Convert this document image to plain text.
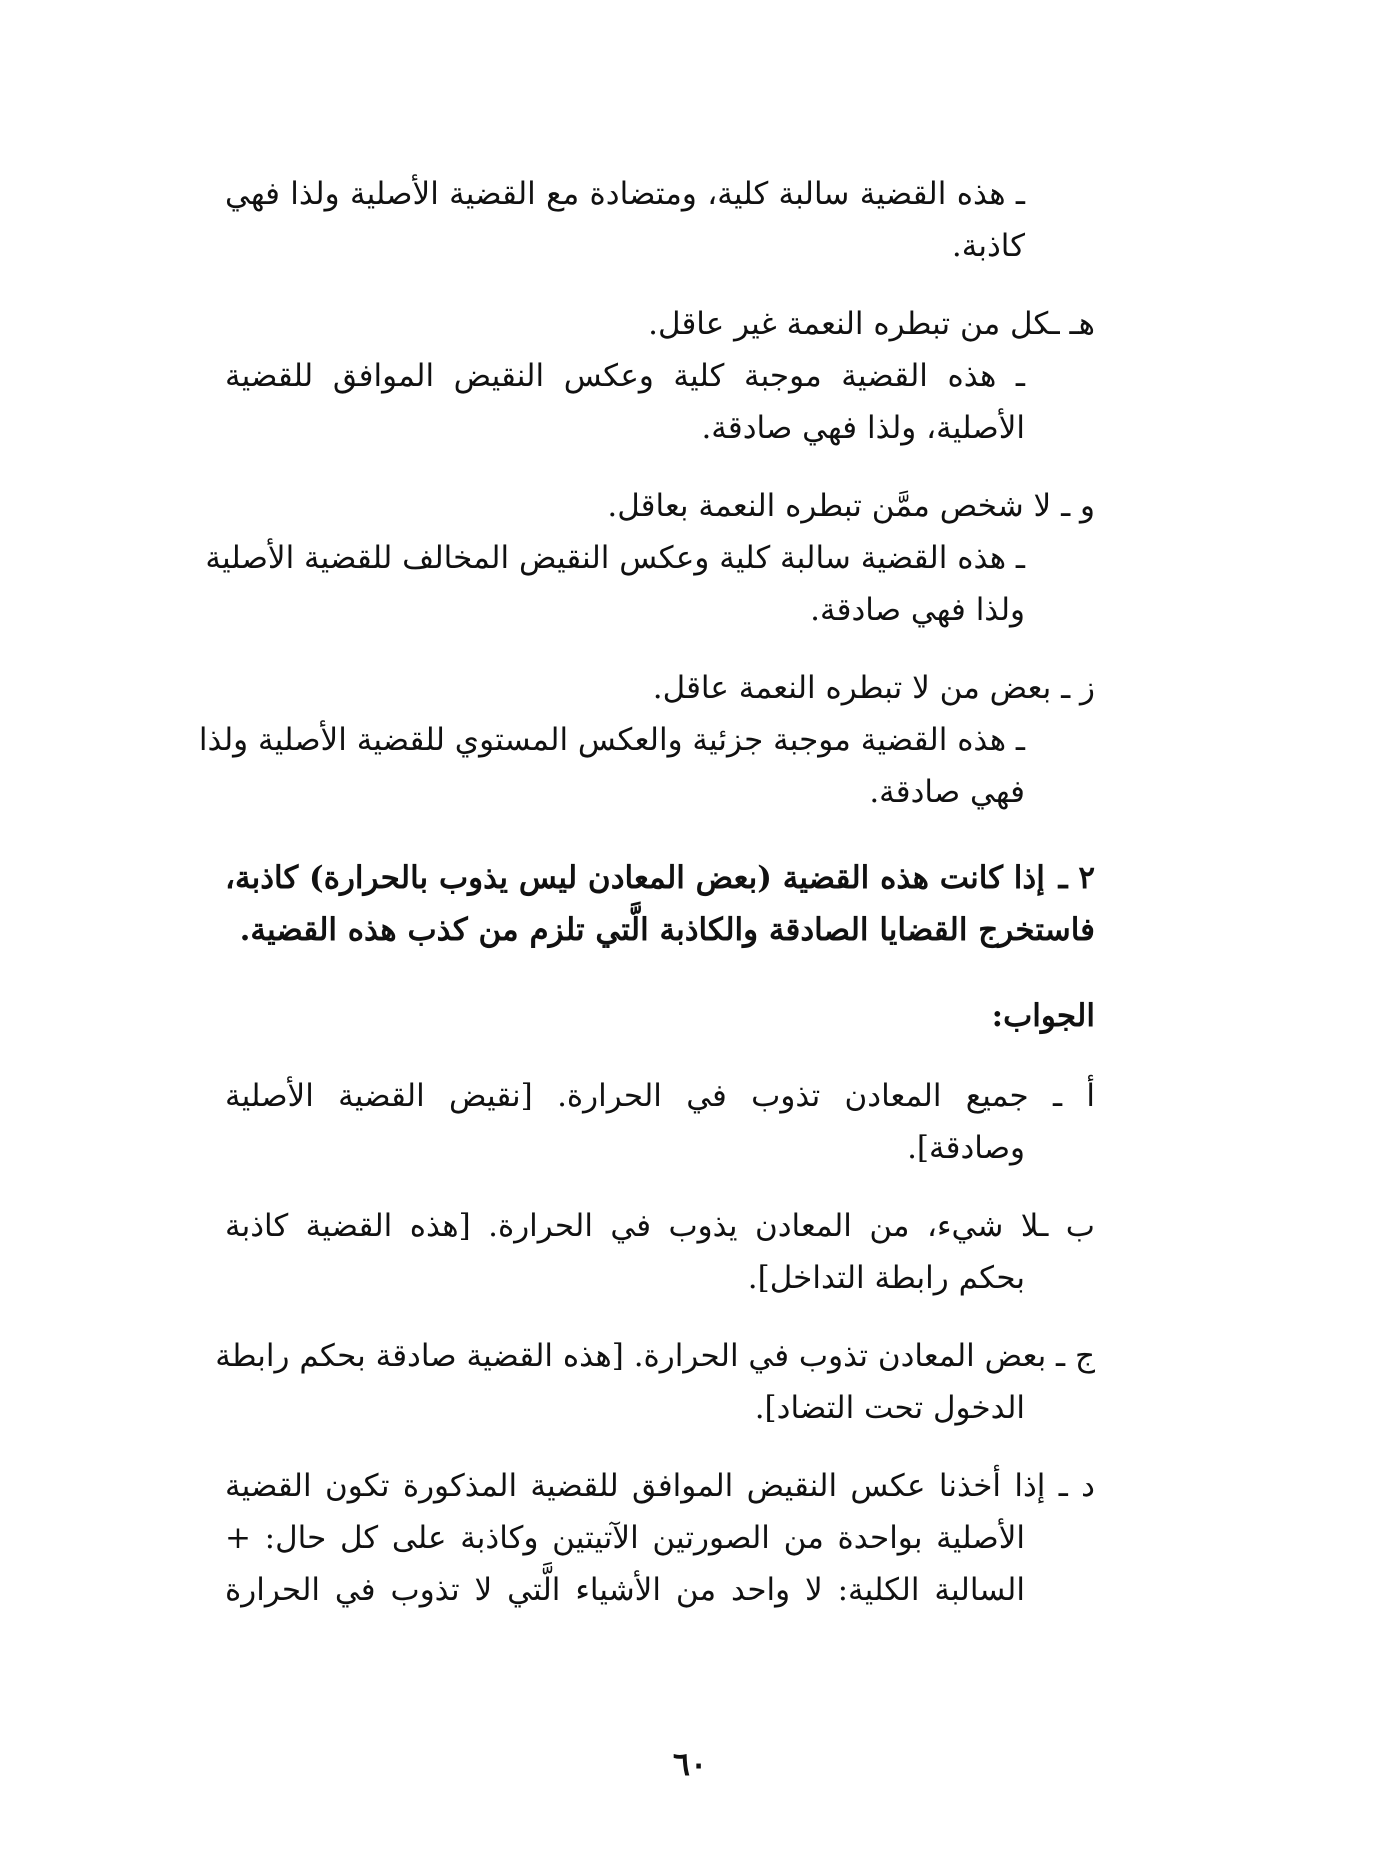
ـ هذه القضية سالبة كلية، ومتضادة مع القضية الأصلية ولذا فهي
كاذبة.
هـ ـكل من تبطره النعمة غير عاقل.
ـ هذه القضية موجبة كلية وعكس النقيض الموافق للقضية
الأصلية، ولذا فهي صادقة.
و ـ لا شخص ممَّن تبطره النعمة بعاقل.
ـ هذه القضية سالبة كلية وعكس النقيض المخالف للقضية الأصلية
ولذا فهي صادقة.
ز ـ بعض من لا تبطره النعمة عاقل.
ـ هذه القضية موجبة جزئية والعكس المستوي للقضية الأصلية ولذا
فهي صادقة.
٢ ـ
إذا كانت هذه القضية (بعض المعادن ليس يذوب بالحرارة) كاذبة،
فاستخرج القضايا الصادقة والكاذبة الَّتي تلزم من كذب هذه القضية.
الجواب:
أ ـ جميع المعادن تذوب في الحرارة. [نقيض القضية الأصلية
وصادقة].
ب ـلا شيء، من المعادن يذوب في الحرارة. [هذه القضية كاذبة
بحكم رابطة التداخل].
ج ـ بعض المعادن تذوب في الحرارة. [هذه القضية صادقة بحكم رابطة
الدخول تحت التضاد].
د ـ إذا أخذنا عكس النقيض الموافق للقضية المذكورة تكون القضية
الأصلية بواحدة من الصورتين الآتيتين وكاذبة على كل حال: +
السالبة الكلية: لا واحد من الأشياء الَّتي لا تذوب في الحرارة
٦٠
